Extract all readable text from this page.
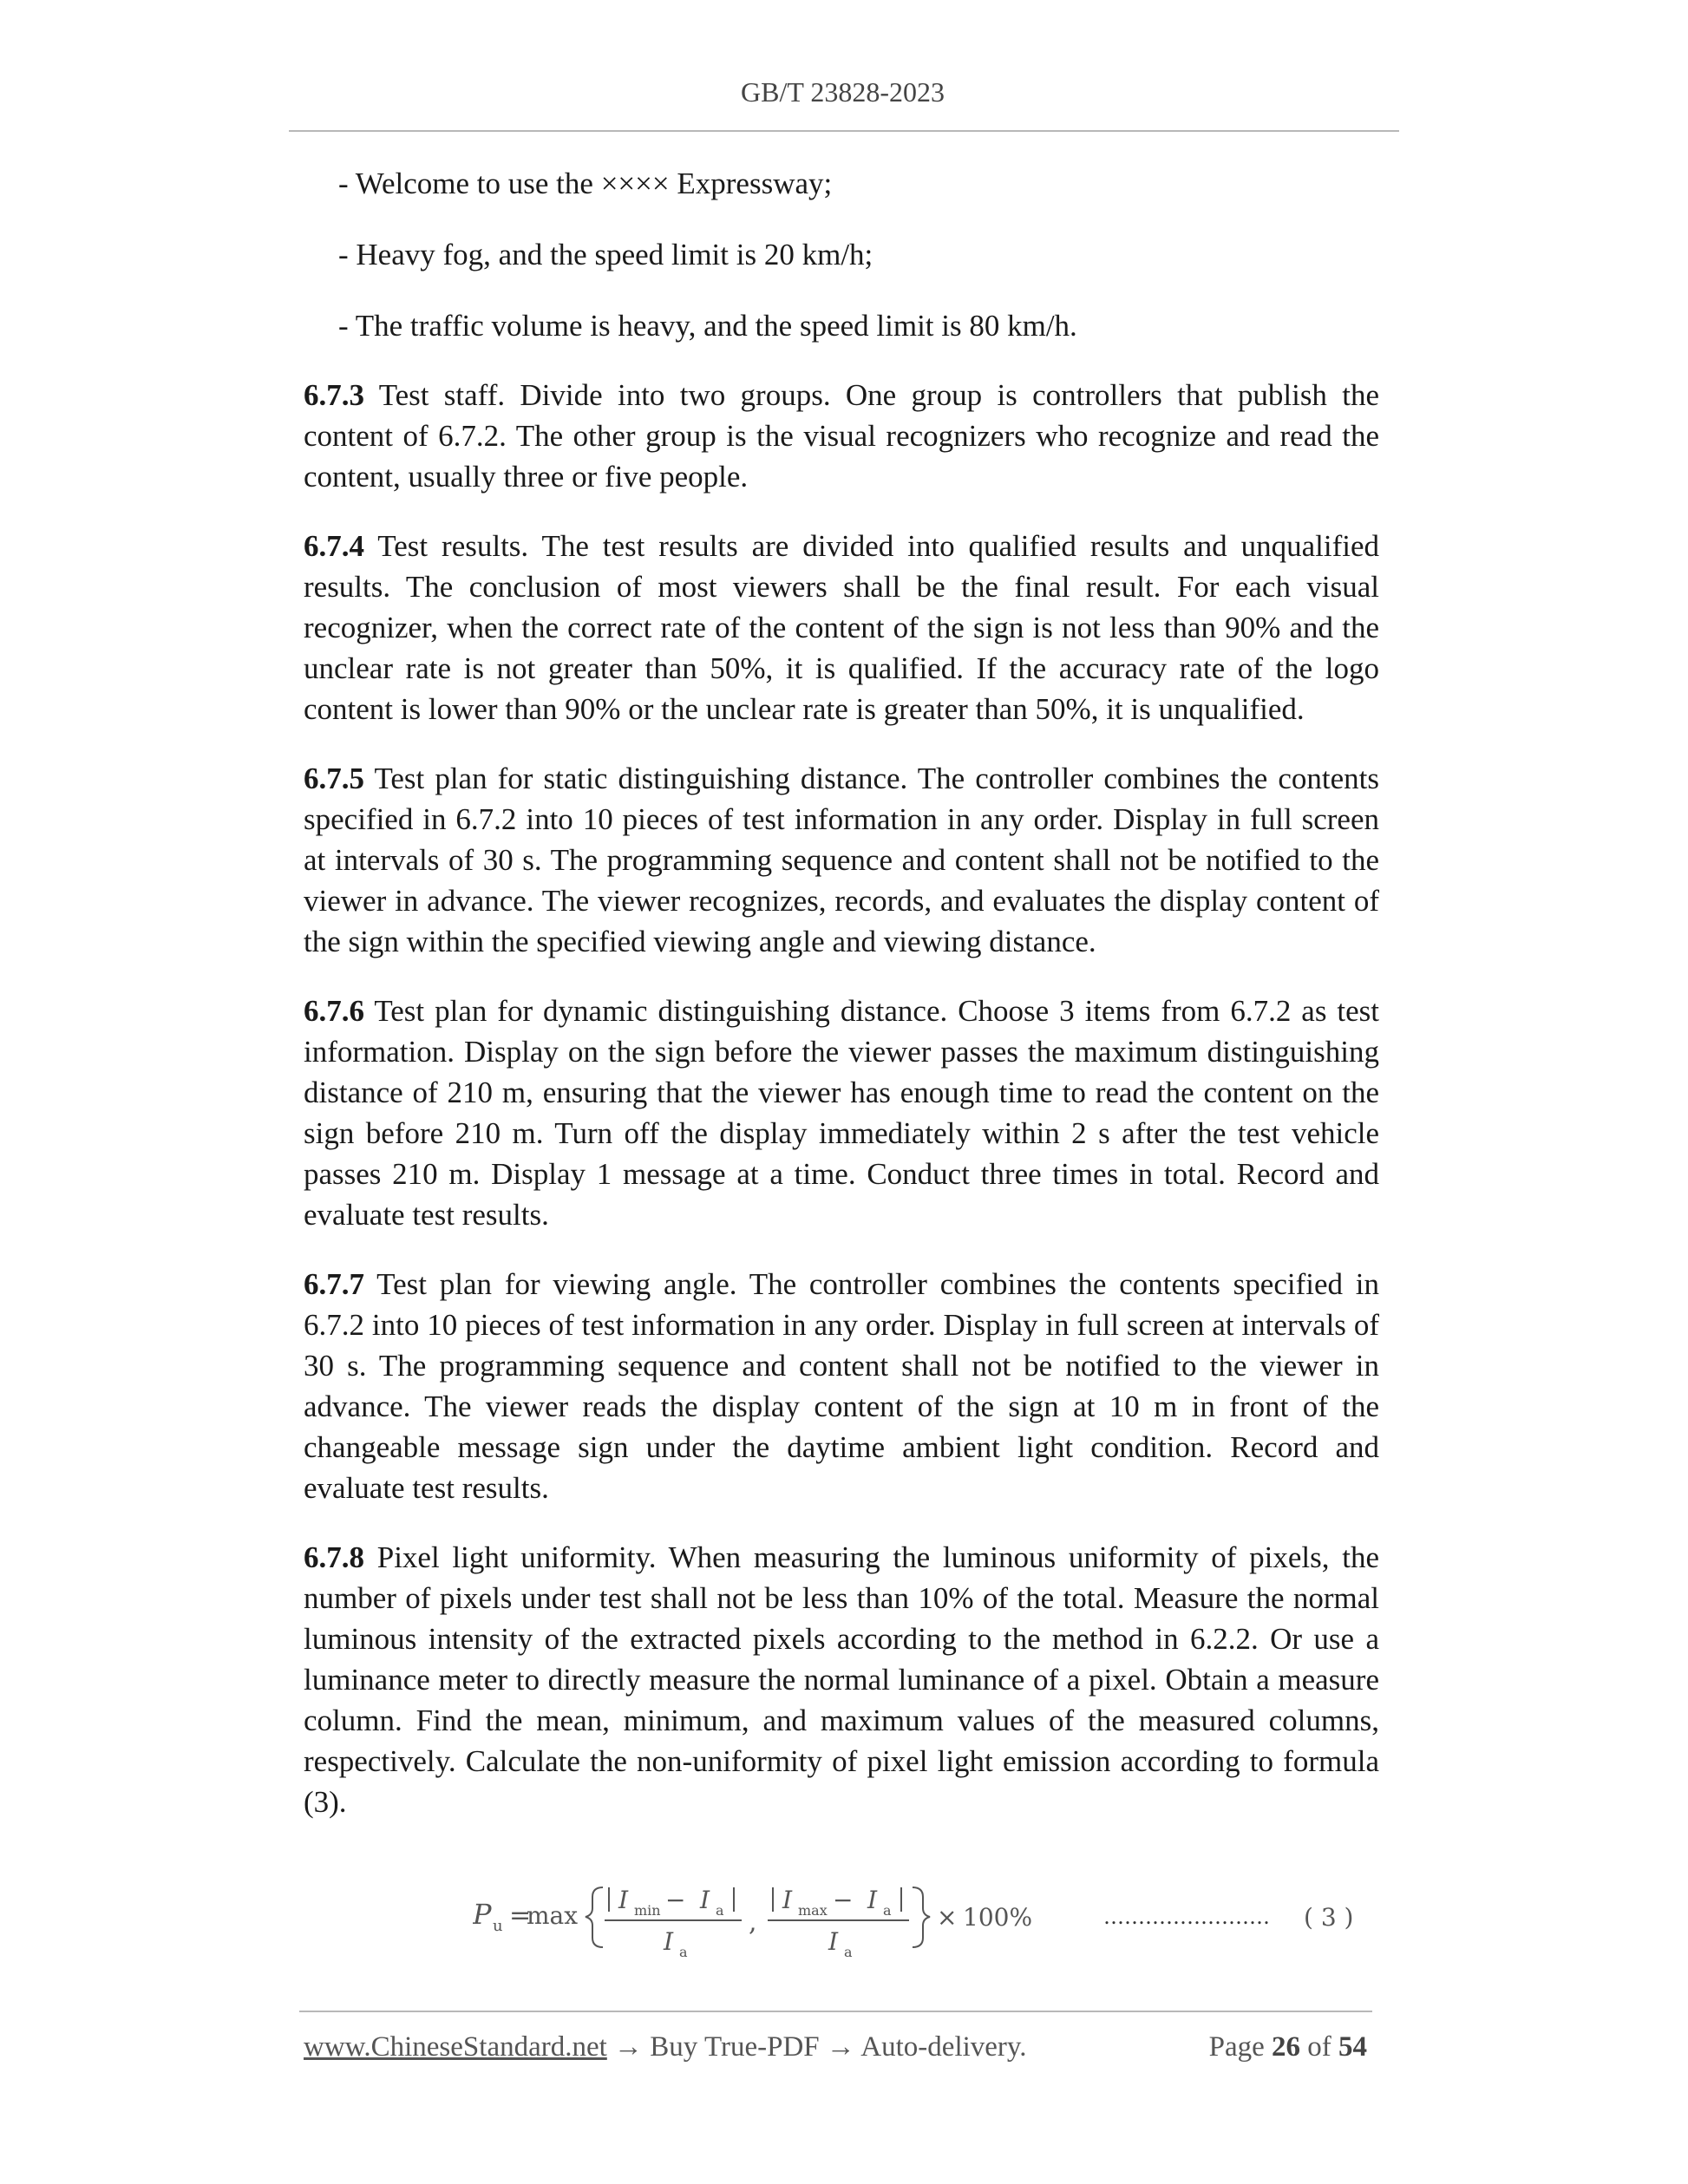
GB/T 23828-2023

- Welcome to use the ×××× Expressway;

- Heavy fog, and the speed limit is 20 km/h;

- The traffic volume is heavy, and the speed limit is 80 km/h.

6.7.3 Test staff. Divide into two groups. One group is controllers that publish the content of 6.7.2. The other group is the visual recognizers who recognize and read the content, usually three or five people.

6.7.4 Test results. The test results are divided into qualified results and unqualified results. The conclusion of most viewers shall be the final result. For each visual recognizer, when the correct rate of the content of the sign is not less than 90% and the unclear rate is not greater than 50%, it is qualified. If the accuracy rate of the logo content is lower than 90% or the unclear rate is greater than 50%, it is unqualified.

6.7.5 Test plan for static distinguishing distance. The controller combines the contents specified in 6.7.2 into 10 pieces of test information in any order. Display in full screen at intervals of 30 s. The programming sequence and content shall not be notified to the viewer in advance. The viewer recognizes, records, and evaluates the display content of the sign within the specified viewing angle and viewing distance.

6.7.6 Test plan for dynamic distinguishing distance. Choose 3 items from 6.7.2 as test information. Display on the sign before the viewer passes the maximum distinguishing distance of 210 m, ensuring that the viewer has enough time to read the content on the sign before 210 m. Turn off the display immediately within 2 s after the test vehicle passes 210 m. Display 1 message at a time. Conduct three times in total. Record and evaluate test results.

6.7.7 Test plan for viewing angle. The controller combines the contents specified in 6.7.2 into 10 pieces of test information in any order. Display in full screen at intervals of 30 s. The programming sequence and content shall not be notified to the viewer in advance. The viewer reads the display content of the sign at 10 m in front of the changeable message sign under the daytime ambient light condition. Record and evaluate test results.

6.7.8 Pixel light uniformity. When measuring the luminous uniformity of pixels, the number of pixels under test shall not be less than 10% of the total. Measure the normal luminous intensity of the extracted pixels according to the method in 6.2.2. Or use a luminance meter to directly measure the normal luminance of a pixel. Obtain a measure column. Find the mean, minimum, and maximum values of the measured columns, respectively. Calculate the non-uniformity of pixel light emission according to formula (3).

P u =
max
I min − I a
I a
,
I max − I a
I a
× 100%	…………………… ( 3 )
www.ChineseStandard.net → Buy True-PDF → Auto-delivery.	Page 26 of 54
